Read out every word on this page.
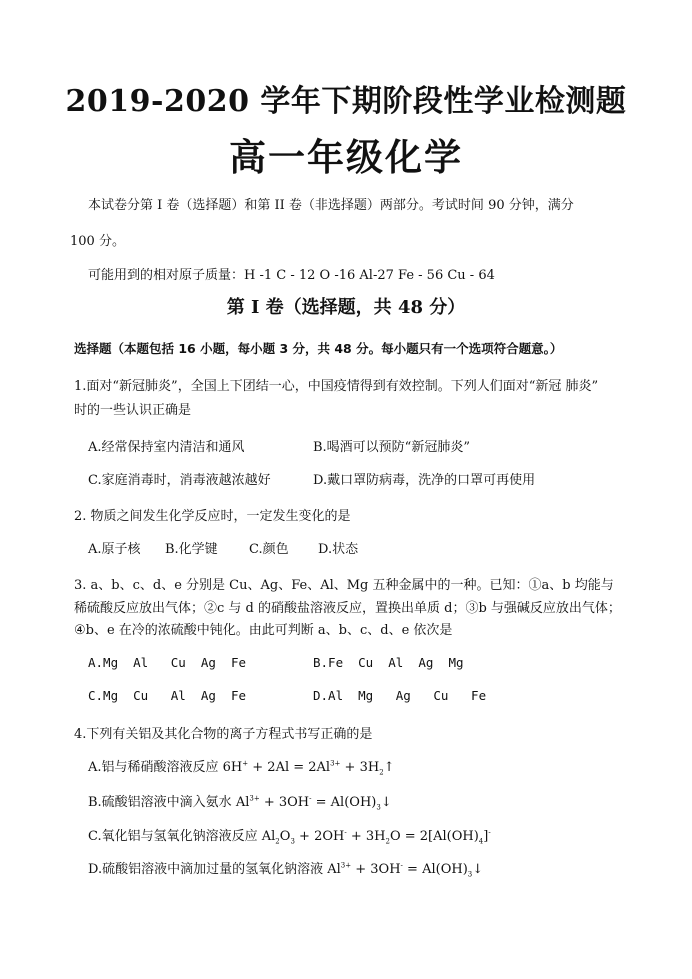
2019-2020 学年下期阶段性学业检测题
高一年级化学
本试卷分第 I 卷（选择题）和第 II 卷（非选择题）两部分。考试时间 90 分钟，满分
100 分。
可能用到的相对原子质量：H -1 C - 12 O -16 Al-27 Fe - 56 Cu - 64
第 I 卷（选择题，共 48 分）
选择题（本题包括 16 小题，每小题 3 分，共 48 分。每小题只有一个选项符合题意。）
1.面对“新冠肺炎”，全国上下团结一心，中国疫情得到有效控制。下列人们面对“新冠 肺炎”
时的一些认识正确是
A.经常保持室内清洁和通风	B.喝酒可以预防“新冠肺炎”
C.家庭消毒时，消毒液越浓越好	D.戴口罩防病毒，洗净的口罩可再使用
2. 物质之间发生化学反应时，一定发生变化的是
A.原子核 B.化学键 C.颜色 D.状态
3. a、b、c、d、e 分别是 Cu、Ag、Fe、Al、Mg 五种金属中的一种。已知：①a、b 均能与
稀硫酸反应放出气体；②c 与 d 的硝酸盐溶液反应，置换出单质 d；③b 与强碱反应放出气体；
④b、e 在冷的浓硫酸中钝化。由此可判断 a、b、c、d、e 依次是
A.Mg  Al   Cu  Ag  Fe	B.Fe  Cu  Al  Ag  Mg
C.Mg  Cu   Al  Ag  Fe	D.Al  Mg   Ag   Cu   Fe
4.下列有关铝及其化合物的离子方程式书写正确的是
A.铝与稀硝酸溶液反应 $6H^+ + 2Al = 2Al^{3+}$ + $3H_2↑$
B.硫酸铝溶液中滴入氨水 $Al^{3+} + 3OH^-$ = $Al(OH)_3↓$
C.氧化铝与氢氧化钠溶液反应 $Al_2O_3 + 2OH^- + 3H_2O = 2[Al(OH)_4]^-$
D.硫酸铝溶液中滴加过量的氢氧化钠溶液 $Al^{3+} + 3OH^-$ = $Al(OH)_3↓$
